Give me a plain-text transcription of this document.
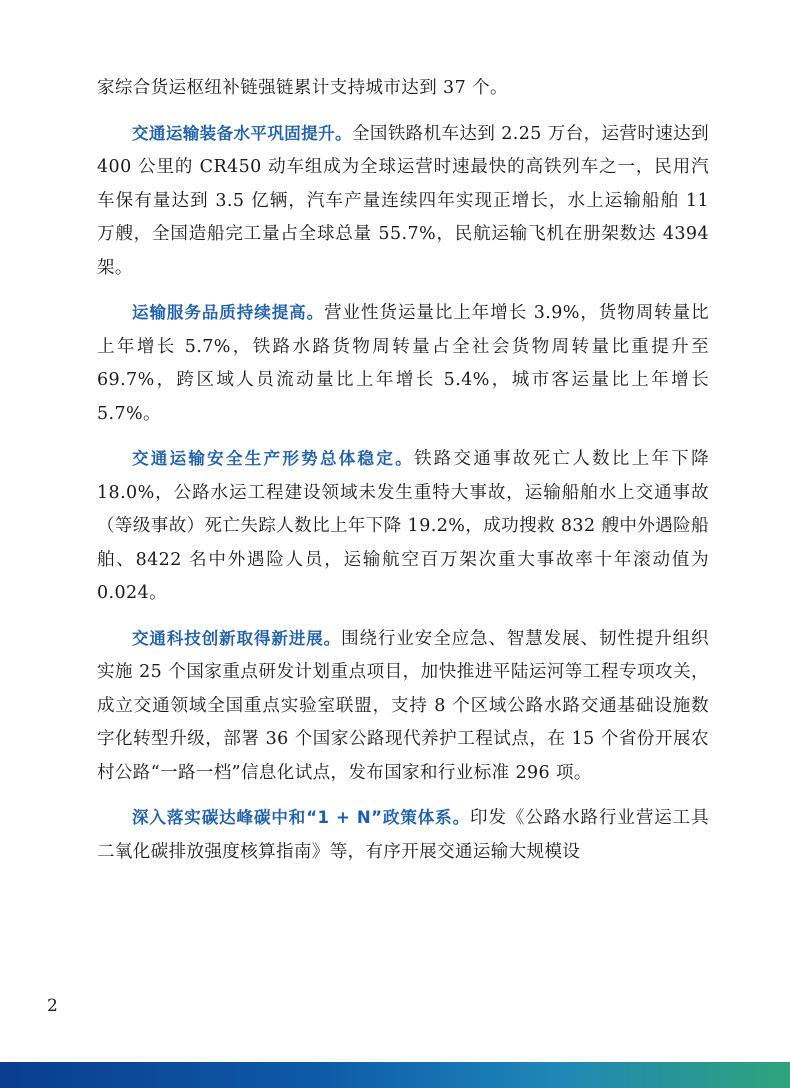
家综合货运枢纽补链强链累计支持城市达到 37 个。

交通运输装备水平巩固提升。全国铁路机车达到 2.25 万台，运营时速达到 400 公里的 CR450 动车组成为全球运营时速最快的高铁列车之一，民用汽车保有量达到 3.5 亿辆，汽车产量连续四年实现正增长，水上运输船舶 11 万艘，全国造船完工量占全球总量 55.7%，民航运输飞机在册架数达 4394 架。

运输服务品质持续提高。营业性货运量比上年增长 3.9%，货物周转量比上年增长 5.7%，铁路水路货物周转量占全社会货物周转量比重提升至 69.7%，跨区域人员流动量比上年增长 5.4%，城市客运量比上年增长 5.7%。

交通运输安全生产形势总体稳定。铁路交通事故死亡人数比上年下降 18.0%，公路水运工程建设领域未发生重特大事故，运输船舶水上交通事故（等级事故）死亡失踪人数比上年下降 19.2%，成功搜救 832 艘中外遇险船舶、8422 名中外遇险人员，运输航空百万架次重大事故率十年滚动值为 0.024。

交通科技创新取得新进展。围绕行业安全应急、智慧发展、韧性提升组织实施 25 个国家重点研发计划重点项目，加快推进平陆运河等工程专项攻关，成立交通领域全国重点实验室联盟，支持 8 个区域公路水路交通基础设施数字化转型升级，部署 36 个国家公路现代养护工程试点，在 15 个省份开展农村公路“一路一档”信息化试点，发布国家和行业标准 296 项。

深入落实碳达峰碳中和“1 + N”政策体系。印发《公路水路行业营运工具二氧化碳排放强度核算指南》等，有序开展交通运输大规模设

2
